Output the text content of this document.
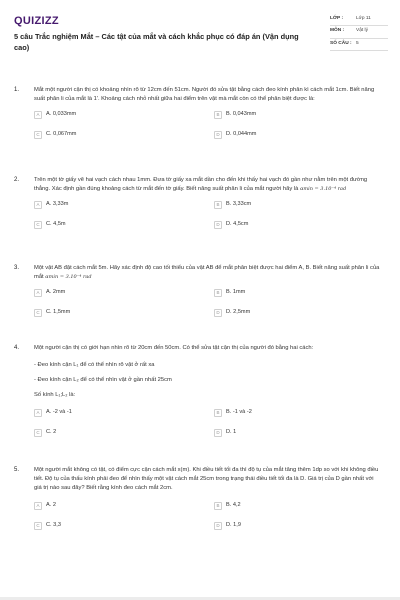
QUIZIZZ
5 câu Trắc nghiệm Mắt – Các tật của mắt và cách khắc phục có đáp án (Vận dụng cao)
LỚP :	Lớp 11
MÔN :	Vật lý
SỐ CÂU : 5
1.	Mắt một người cận thị có khoảng nhìn rõ từ 12cm đến 51cm. Người đó sửa tật bằng cách đeo kính phân kì cách mắt 1cm. Biết năng suất phân li của mắt là 1'. Khoảng cách nhỏ nhất giữa hai điểm trên vật mà mắt còn có thể phân biệt được là:
A	A. 0,033mm	B	B. 0,043mm
C	C. 0,067mm	D	D. 0,044mm
2.	Trên một tờ giấy vẽ hai vạch cách nhau 1mm. Đưa tờ giấy xa mắt dần cho đến khi thấy hai vạch đó gần như nằm trên một đường thẳng. Xác định gần đúng khoảng cách từ mắt đến tờ giấy. Biết năng suất phân li của mắt người hãy là αmin = 3.10⁻⁴ rad
A	A. 3,33m	B	B. 3,33cm
C	C. 4,5m	D	D. 4,5cm
3.	Một vật AB đặt cách mắt 5m. Hãy xác định độ cao tối thiểu của vật AB để mắt phân biệt được hai điểm A, B. Biết năng suất phân li của mắt αmin = 3.10⁻⁴ rad
A	A. 2mm	B	B. 1mm
C	C. 1,5mm	D	D. 2,5mm
4.	Một người cận thị có giới hạn nhìn rõ từ 20cm đến 50cm. Có thể sửa tật cận thị của người đó bằng hai cách:
- Đeo kính cận L₁ để có thể nhìn rõ vật ở rất xa
- Đeo kính cận L₂ để có thể nhìn vật ở gần nhất 25cm
Số kính L₁;L₂ là:
A	A. -2 và -1	B	B. -1 và -2
C	C. 2	D	D. 1
5.	Một người mắt không có tật, có điểm cực cận cách mắt x(m). Khi điều tiết tối đa thì độ tụ của mắt tăng thêm 1dp so với khi không điều tiết. Độ tụ của thấu kính phải đeo để nhìn thấy một vật cách mắt 25cm trong trạng thái điều tiết tối đa là D. Giá trị của D gần nhất với giá trị nào sau đây? Biết rằng kính đeo cách mắt 2cm.
A	A. 2	B	B. 4,2
C	C. 3,3	D	D. 1,9
